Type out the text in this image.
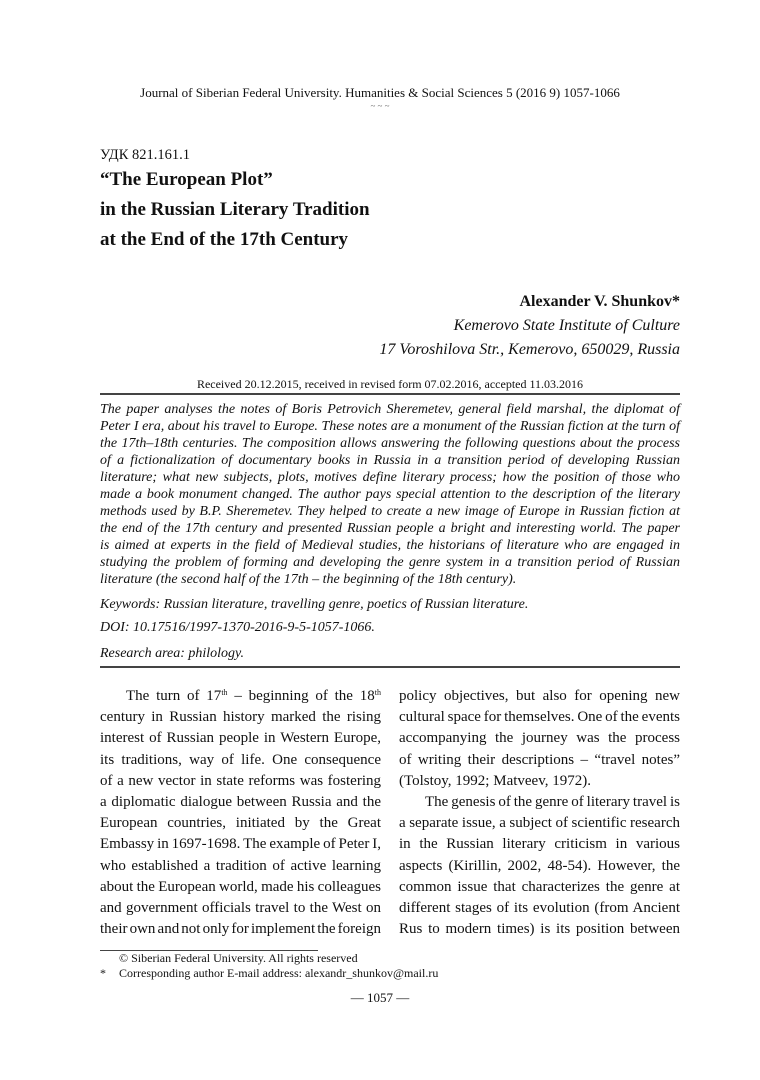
Journal of Siberian Federal University. Humanities & Social Sciences 5 (2016 9) 1057-1066
~ ~ ~
УДК 821.161.1
“The European Plot”
in the Russian Literary Tradition
at the End of the 17th Century
Alexander V. Shunkov*
Kemerovo State Institute of Culture
17 Voroshilova Str., Kemerovo, 650029, Russia
Received 20.12.2015, received in revised form 07.02.2016, accepted 11.03.2016
The paper analyses the notes of Boris Petrovich Sheremetev, general field marshal, the diplomat of
Peter I era, about his travel to Europe. These notes are a monument of the Russian fiction at the turn of
the 17th–18th centuries. The composition allows answering the following questions about the process
of a fictionalization of documentary books in Russia in a transition period of developing Russian
literature; what new subjects, plots, motives define literary process; how the position of those who
made a book monument changed. The author pays special attention to the description of the literary
methods used by B.P. Sheremetev. They helped to create a new image of Europe in Russian fiction at
the end of the 17th century and presented Russian people a bright and interesting world. The paper
is aimed at experts in the field of Medieval studies, the historians of literature who are engaged in
studying the problem of forming and developing the genre system in a transition period of Russian
literature (the second half of the 17th – the beginning of the 18th century).
Keywords: Russian literature, travelling genre, poetics of Russian literature.
DOI: 10.17516/1997-1370-2016-9-5-1057-1066.
Research area: philology.
The turn of 17th – beginning of the 18th
century in Russian history marked the rising
interest of Russian people in Western Europe,
its traditions, way of life. One consequence
of a new vector in state reforms was fostering
a diplomatic dialogue between Russia and the
European countries, initiated by the Great
Embassy in 1697-1698. The example of Peter I,
who established a tradition of active learning
about the European world, made his colleagues
and government officials travel to the West on
their own and not only for implement the foreign
policy objectives, but also for opening new
cultural space for themselves. One of the events
accompanying the journey was the process
of writing their descriptions – “travel notes”
(Tolstoy, 1992; Matveev, 1972).
The genesis of the genre of literary travel is
a separate issue, a subject of scientific research
in the Russian literary criticism in various
aspects (Kirillin, 2002, 48-54). However, the
common issue that characterizes the genre at
different stages of its evolution (from Ancient
Rus to modern times) is its position between
© Siberian Federal University. All rights reserved
* Corresponding author E-mail address: alexandr_shunkov@mail.ru
— 1057 —
